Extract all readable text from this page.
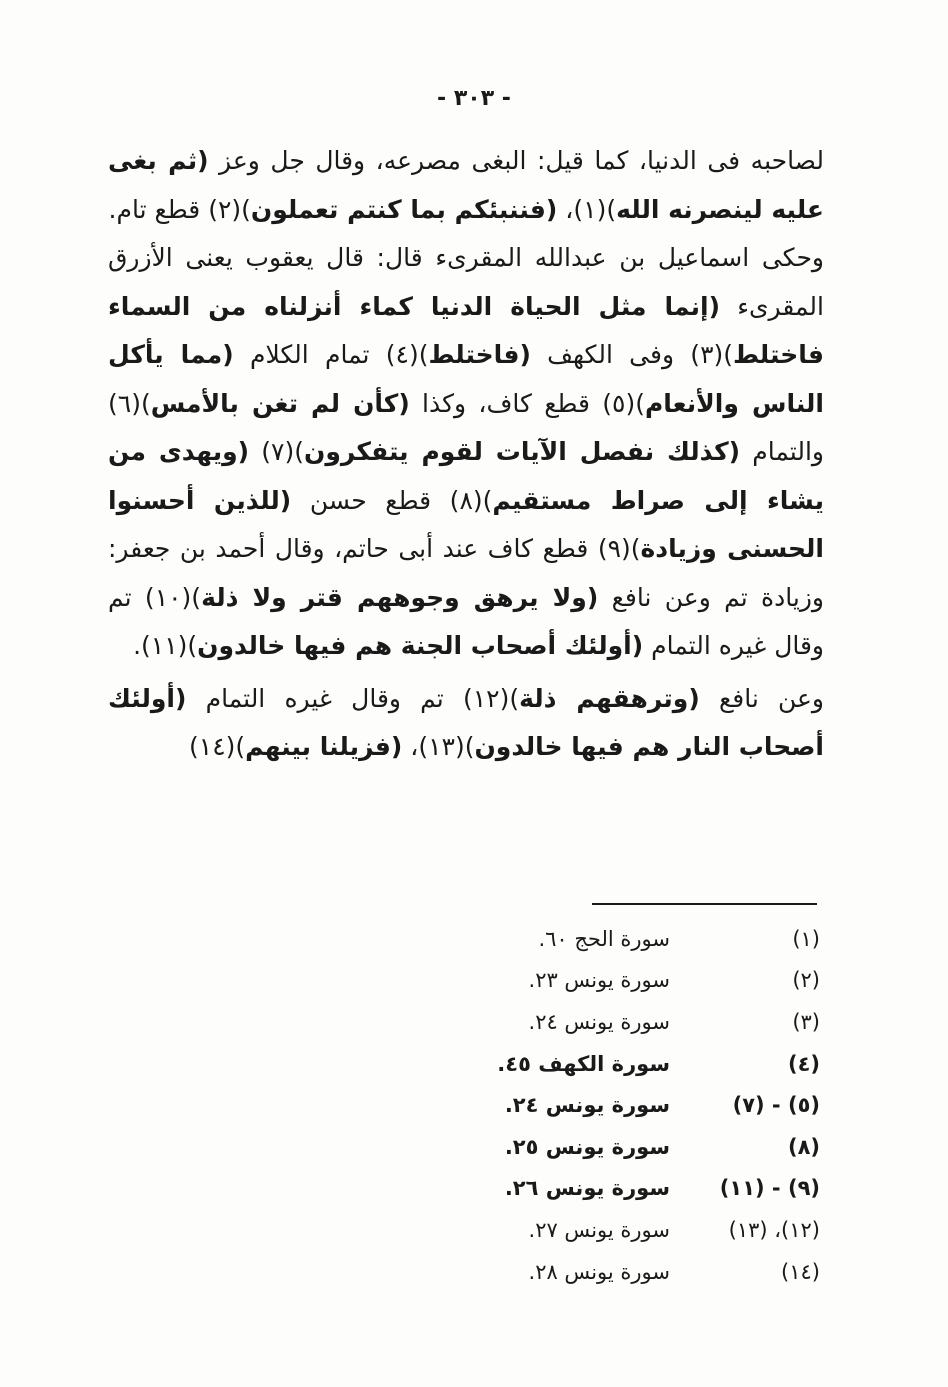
- ٣٠٣ -

لصاحبه فى الدنيا، كما قيل: البغى مصرعه، وقال جل وعز (ثم بغى عليه لينصرنه الله)(١)، (فننبئكم بما كنتم تعملون)(٢) قطع تام.

وحكى اسماعيل بن عبدالله المقرىء قال: قال يعقوب يعنى الأزرق المقرىء (إنما مثل الحياة الدنيا كماء أنزلناه من السماء فاختلط)(٣) وفى الكهف (فاختلط)(٤) تمام الكلام (مما يأكل الناس والأنعام)(٥) قطع كاف، وكذا (كأن لم تغن بالأمس)(٦) والتمام (كذلك نفصل الآيات لقوم يتفكرون)(٧) (ويهدى من يشاء إلى صراط مستقيم)(٨) قطع حسن (للذين أحسنوا الحسنى وزيادة)(٩) قطع كاف عند أبى حاتم، وقال أحمد بن جعفر: وزيادة تم وعن نافع (ولا يرهق وجوههم قتر ولا ذلة)(١٠) تم وقال غيره التمام (أولئك أصحاب الجنة هم فيها خالدون)(١١).

وعن نافع (وترهقهم ذلة)(١٢) تم وقال غيره التمام (أولئك أصحاب النار هم فيها خالدون)(١٣)، (فزيلنا بينهم)(١٤)

(١)
سورة الحج ٦٠.
(٢)
سورة يونس ٢٣.
(٣)
سورة يونس ٢٤.
(٤)
سورة الكهف ٤٥.
(٥) - (٧)
سورة يونس ٢٤.
(٨)
سورة يونس ٢٥.
(٩) - (١١)
سورة يونس ٢٦.
(١٢)، (١٣)
سورة يونس ٢٧.
(١٤)
سورة يونس ٢٨.
